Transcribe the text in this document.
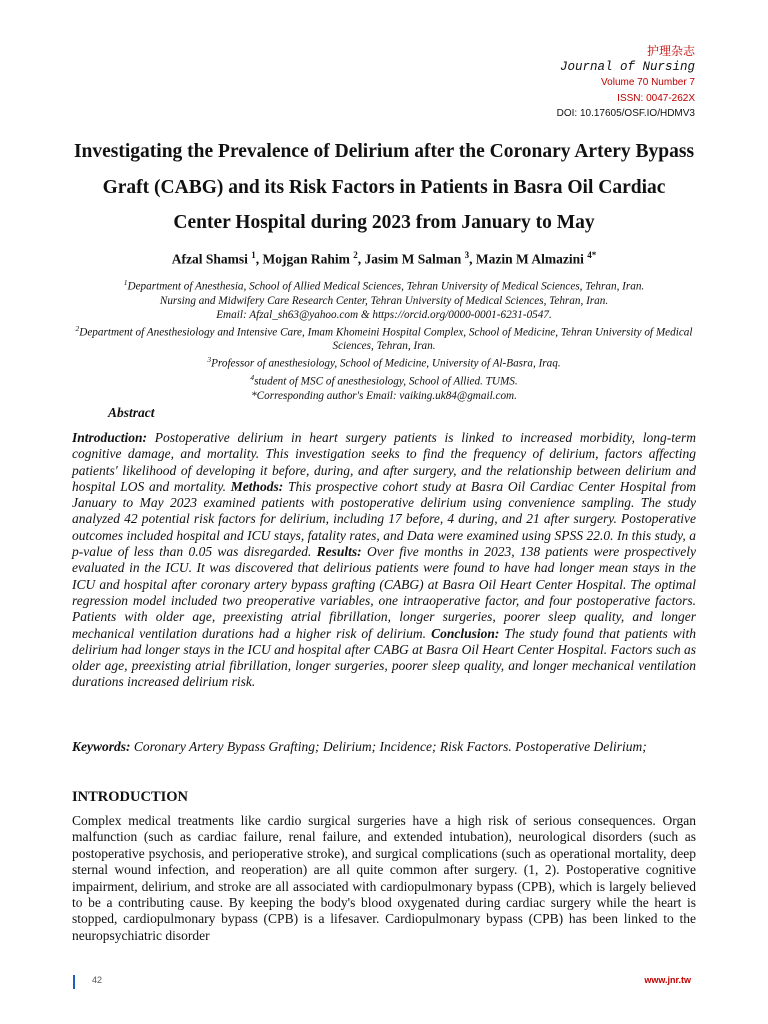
护理杂志
Journal of Nursing
Volume 70 Number 7
ISSN: 0047-262X
DOI: 10.17605/OSF.IO/HDMV3
Investigating the Prevalence of Delirium after the Coronary Artery Bypass Graft (CABG) and its Risk Factors in Patients in Basra Oil Cardiac Center Hospital during 2023 from January to May
Afzal Shamsi $^1$, Mojgan Rahim $^2$, Jasim M Salman $^3$, Mazin M Almazini $^{4*}$
$^1$Department of Anesthesia, School of Allied Medical Sciences, Tehran University of Medical Sciences, Tehran, Iran.
Nursing and Midwifery Care Research Center, Tehran University of Medical Sciences, Tehran, Iran.
Email: Afzal_sh63@yahoo.com & https://orcid.org/0000-0001-6231-0547.
$^2$Department of Anesthesiology and Intensive Care, Imam Khomeini Hospital Complex, School of Medicine, Tehran University of Medical Sciences, Tehran, Iran.
$^3$Professor of anesthesiology, School of Medicine, University of Al-Basra, Iraq.
$^4$student of MSC of anesthesiology, School of Allied. TUMS.
*Corresponding author's Email: vaiking.uk84@gmail.com.
Abstract
Introduction: Postoperative delirium in heart surgery patients is linked to increased morbidity, long-term cognitive damage, and mortality. This investigation seeks to find the frequency of delirium, factors affecting patients' likelihood of developing it before, during, and after surgery, and the relationship between delirium and hospital LOS and mortality. Methods: This prospective cohort study at Basra Oil Cardiac Center Hospital from January to May 2023 examined patients with postoperative delirium using convenience sampling. The study analyzed 42 potential risk factors for delirium, including 17 before, 4 during, and 21 after surgery. Postoperative outcomes included hospital and ICU stays, fatality rates, and Data were examined using SPSS 22.0. In this study, a p-value of less than 0.05 was disregarded. Results: Over five months in 2023, 138 patients were prospectively evaluated in the ICU. It was discovered that delirious patients were found to have had longer mean stays in the ICU and hospital after coronary artery bypass grafting (CABG) at Basra Oil Heart Center Hospital. The optimal regression model included two preoperative variables, one intraoperative factor, and four postoperative factors. Patients with older age, preexisting atrial fibrillation, longer surgeries, poorer sleep quality, and longer mechanical ventilation durations had a higher risk of delirium. Conclusion: The study found that patients with delirium had longer stays in the ICU and hospital after CABG at Basra Oil Heart Center Hospital. Factors such as older age, preexisting atrial fibrillation, longer surgeries, poorer sleep quality, and longer mechanical ventilation durations increased delirium risk.
Keywords: Coronary Artery Bypass Grafting; Delirium; Incidence; Risk Factors. Postoperative Delirium;
INTRODUCTION
Complex medical treatments like cardio surgical surgeries have a high risk of serious consequences. Organ malfunction (such as cardiac failure, renal failure, and extended intubation), neurological disorders (such as postoperative psychosis, and perioperative stroke), and surgical complications (such as operational mortality, deep sternal wound infection, and reoperation) are all quite common after surgery. (1, 2). Postoperative cognitive impairment, delirium, and stroke are all associated with cardiopulmonary bypass (CPB), which is largely believed to be a contributing cause. By keeping the body's blood oxygenated during cardiac surgery while the heart is stopped, cardiopulmonary bypass (CPB) is a lifesaver. Cardiopulmonary bypass (CPB) has been linked to the neuropsychiatric disorder
42	www.jnr.tw
